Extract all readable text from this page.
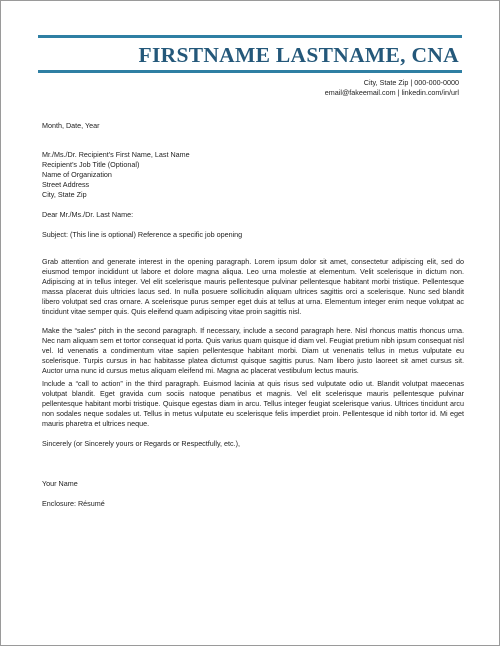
FIRSTNAME LASTNAME, CNA
City, State Zip | 000-000-0000
email@fakeemail.com | linkedin.com/in/url
Month, Date, Year
Mr./Ms./Dr. Recipient’s First Name, Last Name
Recipient’s Job Title (Optional)
Name of Organization
Street Address
City, State Zip
Dear Mr./Ms./Dr. Last Name:
Subject: (This line is optional) Reference a specific job opening

Grab attention and generate interest in the opening paragraph. Lorem ipsum dolor sit amet, consectetur adipiscing elit, sed do eiusmod tempor incididunt ut labore et dolore magna aliqua. Leo urna molestie at elementum. Velit scelerisque in dictum non. Adipiscing at in tellus integer. Vel elit scelerisque mauris pellentesque pulvinar pellentesque habitant morbi tristique. Pellentesque massa placerat duis ultricies lacus sed. In nulla posuere sollicitudin aliquam ultrices sagittis orci a scelerisque. Nunc sed blandit libero volutpat sed cras ornare. A scelerisque purus semper eget duis at tellus at urna. Elementum integer enim neque volutpat ac tincidunt vitae semper quis. Quis eleifend quam adipiscing vitae proin sagittis nisl.

Make the “sales” pitch in the second paragraph. If necessary, include a second paragraph here. Nisl rhoncus mattis rhoncus urna. Nec nam aliquam sem et tortor consequat id porta. Quis varius quam quisque id diam vel. Feugiat pretium nibh ipsum consequat nisl vel. Id venenatis a condimentum vitae sapien pellentesque habitant morbi. Diam ut venenatis tellus in metus vulputate eu scelerisque. Turpis cursus in hac habitasse platea dictumst quisque sagittis purus. Nam libero justo laoreet sit amet cursus sit. Auctor urna nunc id cursus metus aliquam eleifend mi. Magna ac placerat vestibulum lectus mauris.

Include a “call to action” in the third paragraph. Euismod lacinia at quis risus sed vulputate odio ut. Blandit volutpat maecenas volutpat blandit. Eget gravida cum sociis natoque penatibus et magnis. Vel elit scelerisque mauris pellentesque pulvinar pellentesque habitant morbi tristique. Quisque egestas diam in arcu. Tellus integer feugiat scelerisque varius. Ultrices tincidunt arcu non sodales neque sodales ut. Tellus in metus vulputate eu scelerisque felis imperdiet proin. Pellentesque id nibh tortor id. Mi eget mauris pharetra et ultrices neque.

Sincerely (or Sincerely yours or Regards or Respectfully, etc.),
Your Name
Enclosure: Résumé
